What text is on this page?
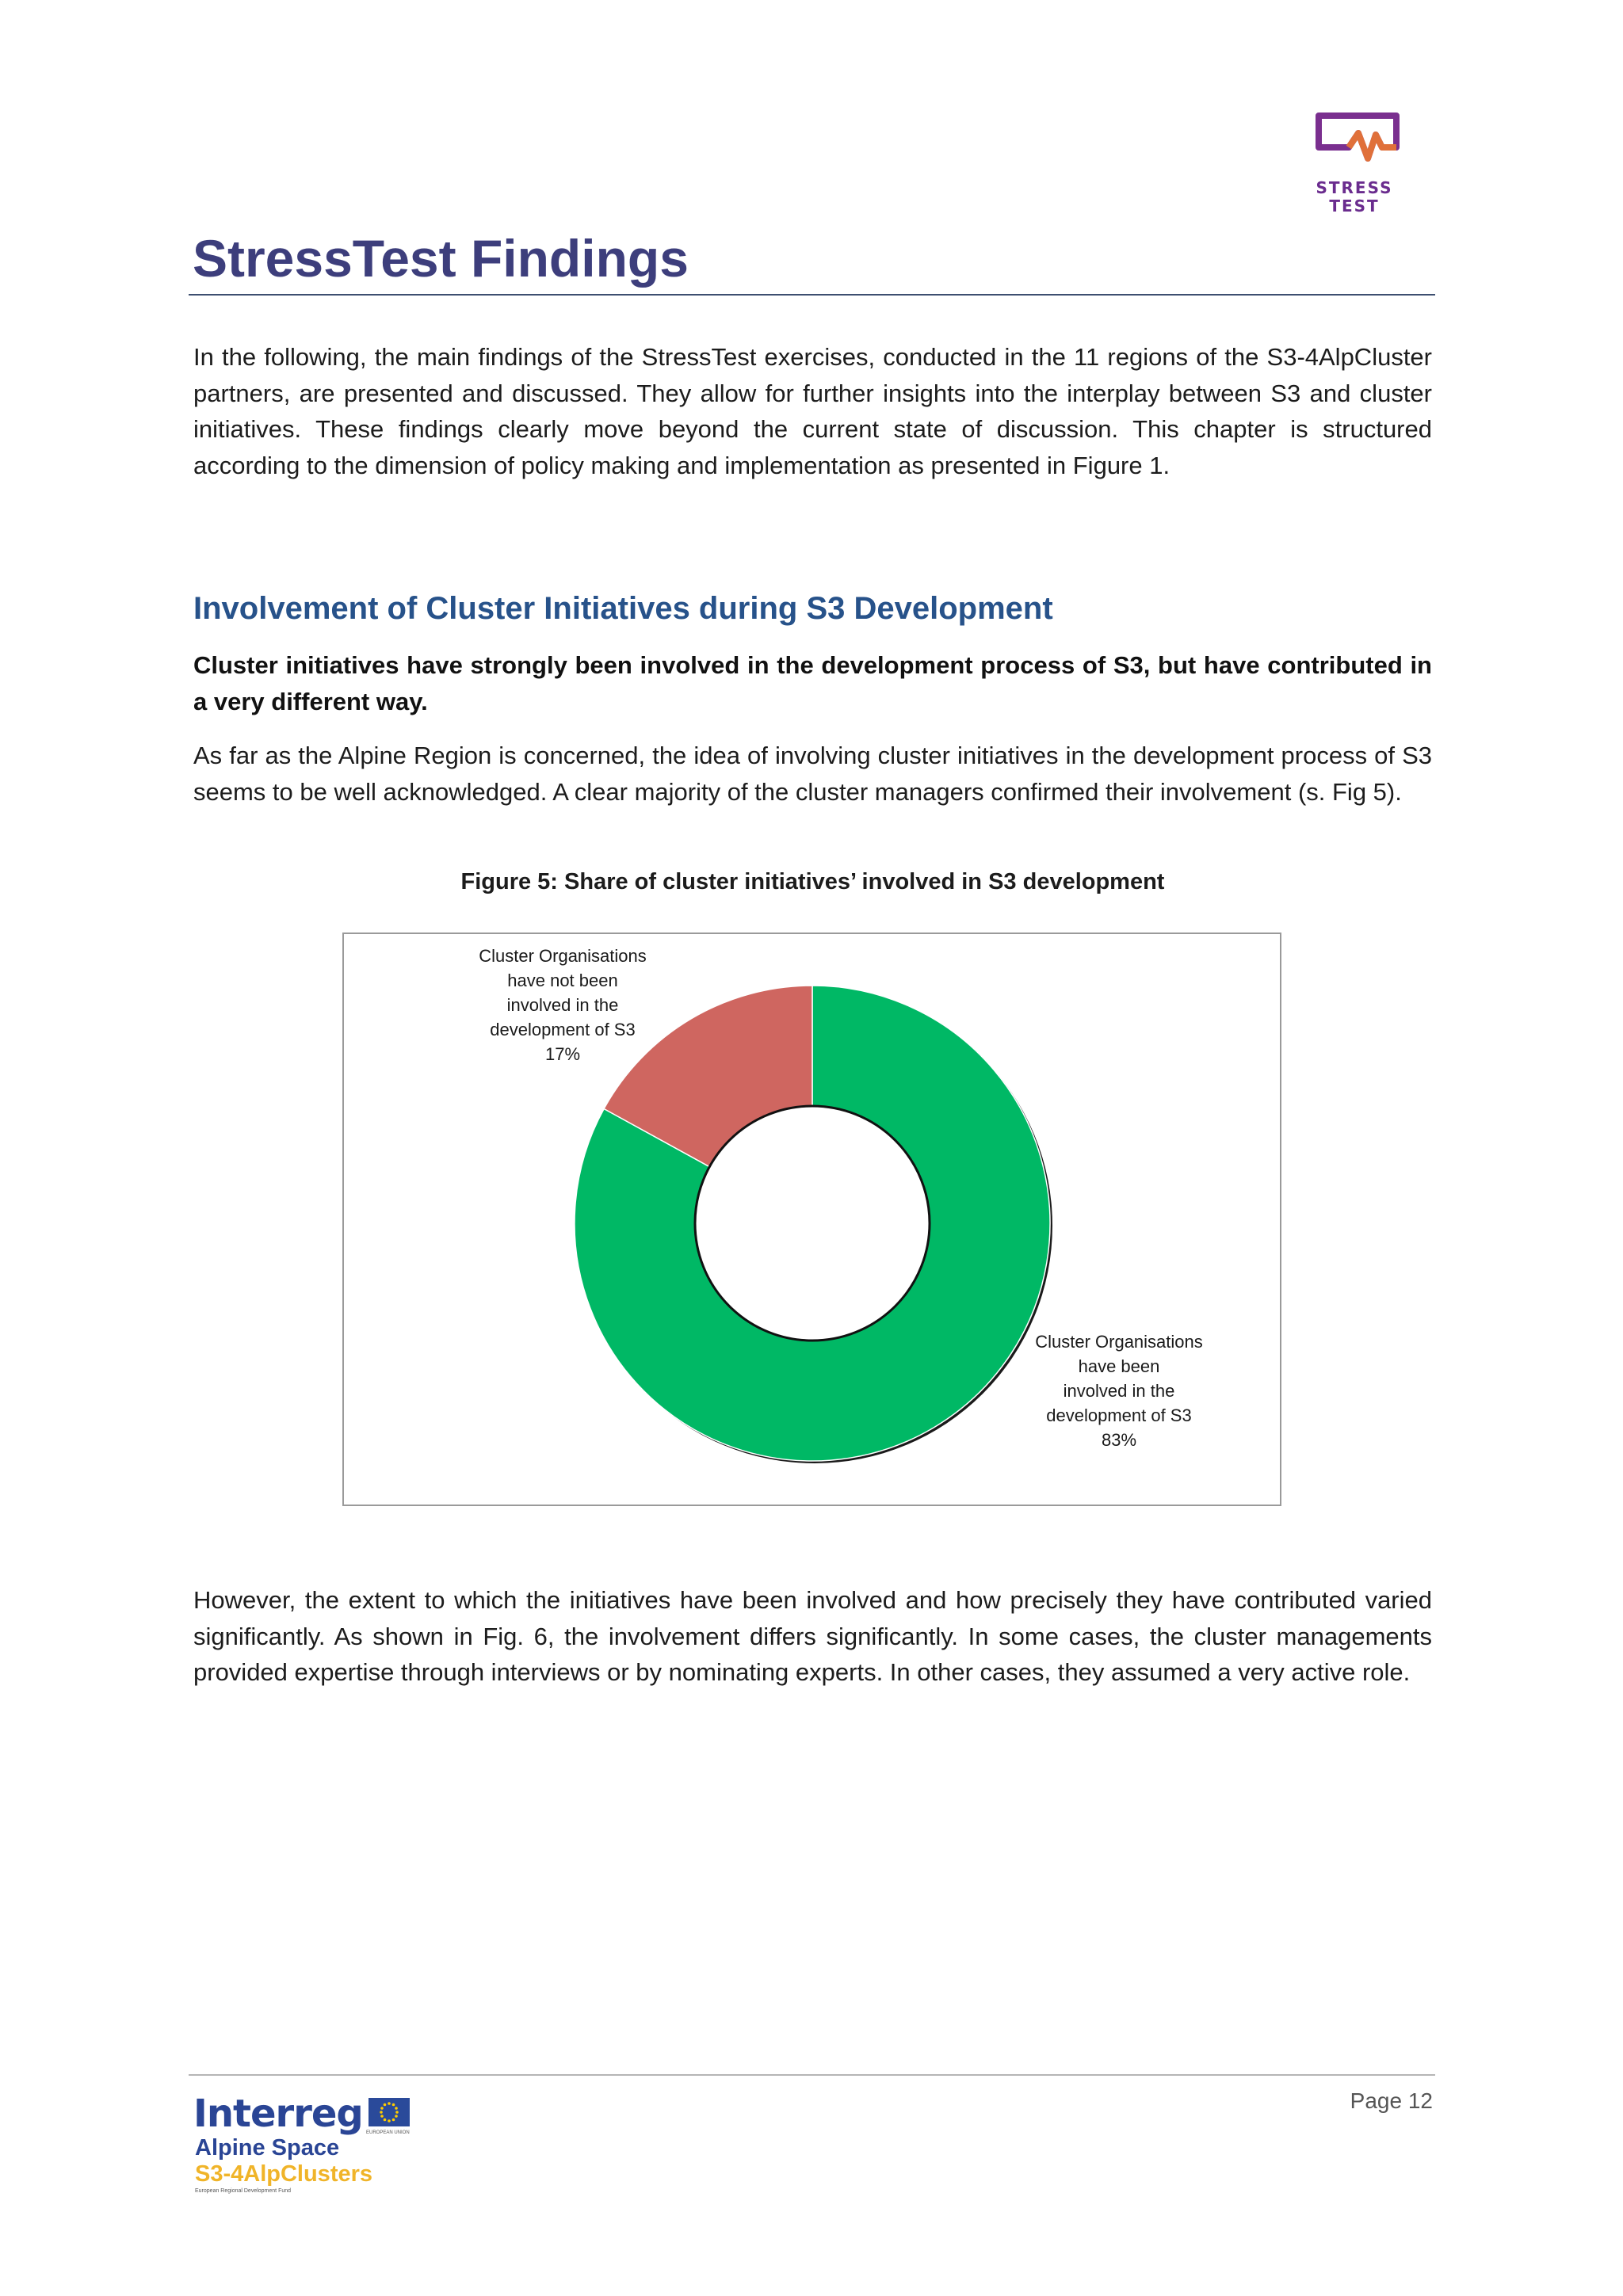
STRESS
TEST
StressTest Findings

In the following, the main findings of the StressTest exercises, conducted in the 11 regions of the S3-4AlpCluster partners, are presented and discussed. They allow for further insights into the interplay between S3 and cluster initiatives. These findings clearly move beyond the current state of discussion. This chapter is structured according to the dimension of policy making and implementation as presented in Figure 1.

Involvement of Cluster Initiatives during S3 Development

Cluster initiatives have strongly been involved in the development process of S3, but have contributed in a very different way.

As far as the Alpine Region is concerned, the idea of involving cluster initiatives in the development process of S3 seems to be well acknowledged. A clear majority of the cluster managers confirmed their involvement (s. Fig 5).

Figure 5: Share of cluster initiatives’ involved in S3 development
Cluster Organisations have been involved in the development of S3 83%
Cluster Organisations have not been involved in the development of S3 17%

However, the extent to which the initiatives have been involved and how precisely they have contributed varied significantly. As shown in Fig. 6, the involvement differs significantly. In some cases, the cluster managements provided expertise through interviews or by nominating experts. In other cases, they assumed a very active role.

Page 12
Interreg EUROPEAN UNION
Alpine Space
S3-4AlpClusters
European Regional Development Fund
